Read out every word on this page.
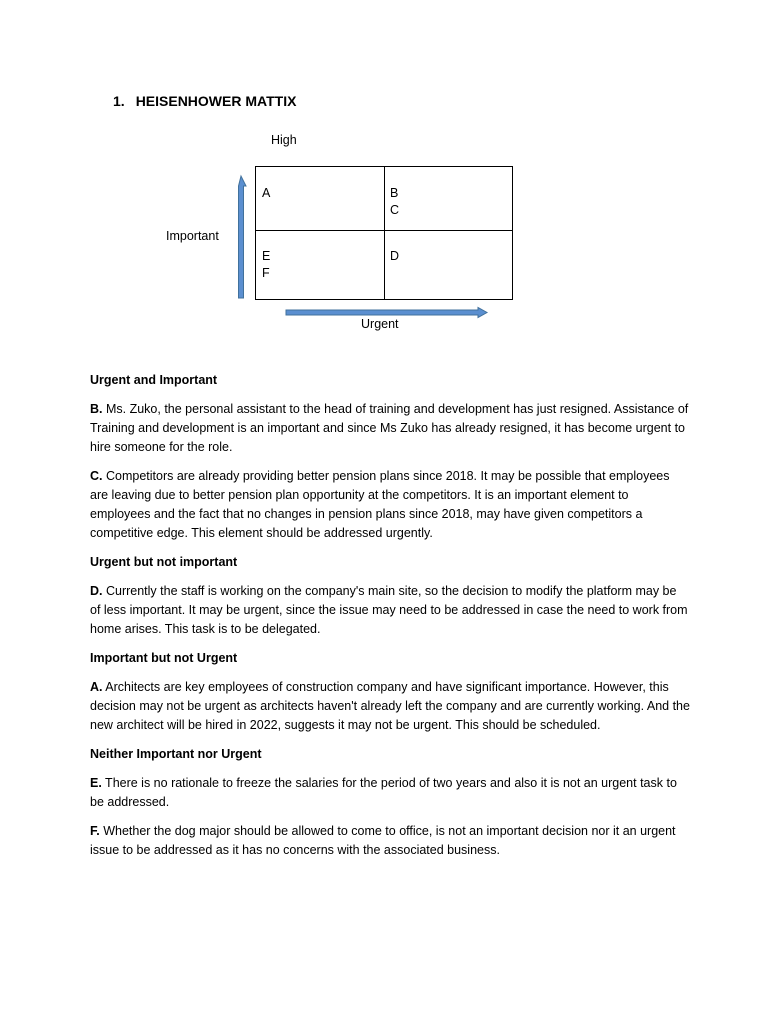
1. HEISENHOWER MATTIX
High
Important
Urgent
A	B
C
E
F
D
Urgent and Important

B. Ms. Zuko, the personal assistant to the head of training and development has just resigned. Assistance of Training and development is an important and since Ms Zuko has already resigned, it has become urgent to hire someone for the role.

C. Competitors are already providing better pension plans since 2018. It may be possible that employees are leaving due to better pension plan opportunity at the competitors. It is an important element to employees and the fact that no changes in pension plans since 2018, may have given competitors a competitive edge. This element should be addressed urgently.

Urgent but not important

D. Currently the staff is working on the company's main site, so the decision to modify the platform may be of less important. It may be urgent, since the issue may need to be addressed in case the need to work from home arises. This task is to be delegated.

Important but not Urgent

A. Architects are key employees of construction company and have significant importance. However, this decision may not be urgent as architects haven't already left the company and are currently working. And the new architect will be hired in 2022, suggests it may not be urgent. This should be scheduled.

Neither Important nor Urgent

E. There is no rationale to freeze the salaries for the period of two years and also it is not an urgent task to be addressed.

F. Whether the dog major should be allowed to come to office, is not an important decision nor it an urgent issue to be addressed as it has no concerns with the associated business.
